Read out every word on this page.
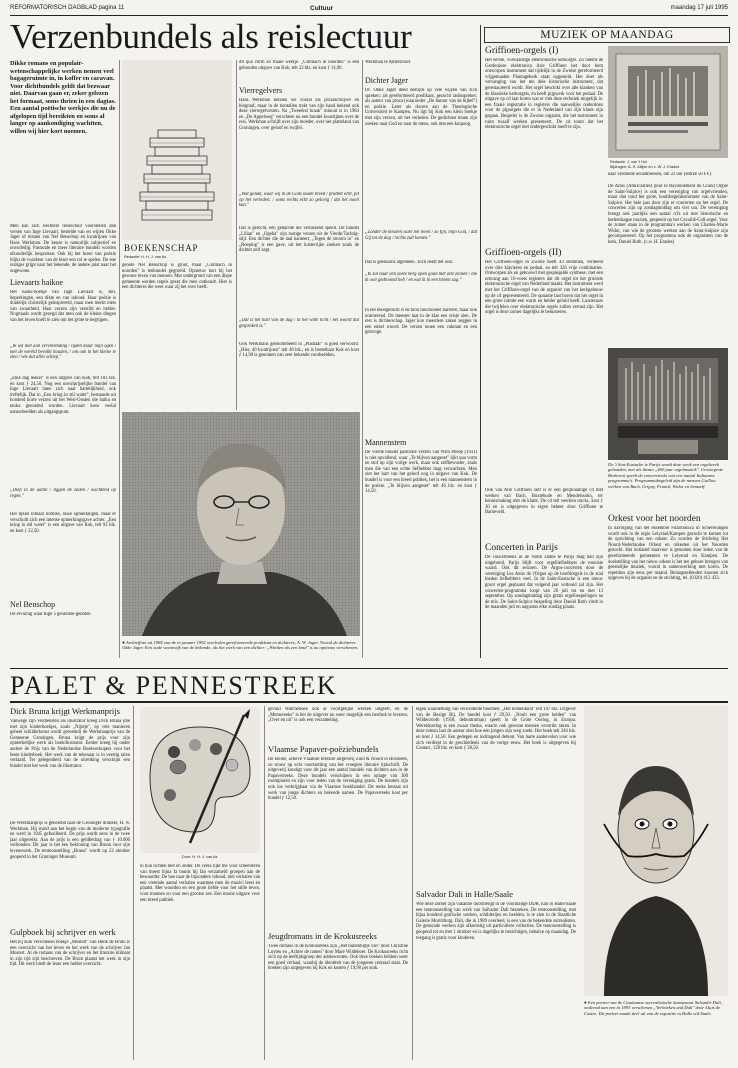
REFORMATORISCH DAGBLAD pagina 11	Cultuur	maandag 17 juli 1995
Verzenbundels als reislectuur

Dikke romans en populair-wetenschappelijke werken nemen veel bagageruimte in, in koffer en caravan. Voor dichtbundels geldt dat bezwaar niet. Daarvan gaan er, zeker gelezen het formaat, soms thrien in een dagtas. Een aantal poëtische werkjes die nu de afgelopen tijd bereikten en soms al langer op aankondiging wachtten, willen wij hier kort noemen.

Men kan zich slechtere reislectuur voorstellen dan versen van Inge Lievaart, bestelde van en wijlen Okke Jager of misten van Nel Benschop en kwatrijnen van Hans Werkman. De keuze is natuurlijk subjectief en onvolledig. Pastorale en meer literaire bundels worden afzonderlijk besproken. Ook bij het lezen van poëzie blijkt de voorkeur van de lezer een rol te spelen. De ene reiziger grijpt naar het bekende, de andere juist naar het ongewone.

Lievaarts haikoe

Het haiku-boekje van Inge Lievaart is, stel, beperkingen, een dikte en van inhoud. Haar poëzie is duidelijk christelijk geïnspireerd, maar men merkt niets van zwaarheid. Haar verzen zijn verstild en helder. Nogmaals wordt gezegd dat men ook de kleine dingen van het leven hoeft te zien om het grote te begrijpen.

„Ik wil niet aan vervreemding / lijden maar mijn ogen / met de wereld bevolkt houden, / om ook in het kleine te zien / wie dat alles schiep."

„Elke dag leuker" is een uitgave van Kok, telt 103 blz. en kost ƒ 24,50. Nog een onvolprijselijke bundel van Inge Lievaart laten zich naar hartelijkheid, ook treftelijk. Dat in „Een kring in stil water", bestaande uit honderd korte verzen uit het West-Oosten die haiku en tanka genoemd worden. Lievaart koos veelal natuurbeelden als uitgangspunt.

„Diep in de aarde / liggen de zaden / wachtend op regen."

Het lijken romaar notities, losse opmerkingen, maar er verschuilt zich een intense opmerkingsgave achter. „Een kring in stil water" is een uitgave van Kok, telt 93 blz. en kost ƒ 22,50.

Nel Benschop

De ervaring waar Inge' s generatie-genoten

BOEKENSCHAP
Redactie: H. H. J. van As

genote Nel Benschop is groot, maar „Glimlach in noorden" is tenbundel gegroeid. Opnieuw kort bij het gewone leven van mensen. Met ondergrond van een diepe gemeente werden regels gezet die men onthoudt. Hier is een dichteres die weet waar zij het over heeft.

dit qua vorm zo fraaie werkje. „Glimlach in noorden" is een gebonden uitgave van Kok, telt 32 blz. en kost ƒ 14,90.

Vierregelvers

Hans Werkman kennen we vooral als prozaschrijver en biograaf, maar in de tientallen trekt van zijn hand bekend ook deze vierregelverzen. Na „Tweeënd braak" minuut is in 1984 en „De Appelweg" verscheen nu een bundel kwatrijnen over de reis. Werkman schrijft over zijn moeder, over het platteland van Groningen, over geloof en twijfel.

„Wat gelukt, waar wij in de Gods naam breed / pruttelt echt, pit op het verleden: / soms rechts echt zo gelovig / dat het nooit kan."

Dat is gerecht, een gedachte die verrassend speelt. De bundel „Lilian" en „Ogeba" zijn rustige verzen uit de Vierde/Tachtig-stijl. Een dichter die de taal hanteert, „Tegen de stroom in" en „Roeping" is een gave, uit het luisterrijke zoeken zoals de dichter zelf zegt.

„Dat is het hart van de dag / in het witte licht / het woord dat gesproken is."

Ook Werkmans geboortebeeld in „Pladiaar" is goed verwoord. „Hier, 40 kwatrijnen" telt 48 blz., en is bestelbaar Kok en kost ƒ 14,90 is genomen van zeer bekende voorbeelden.

● Archieffoto uit 1984 van de in januari 1992 overleden gereformeerde predikant en dichteres, A. W. Jager. Vooral de dichteres Okke Jager. Een oude woonwijk van de bekende, als het werk van een dichter: „Worden als een kind" is nu opnieuw verschenen.

Werkman te Amersfoort.

Dichter Jager

Dr. Okke Jager deed destijds op vele wijzen van zich spreken: als gereformeerd predikant, gezocht radiospreker, als auteur van proza (waaronder „De humor van de bijbel") en poëzie. Later als docent aan de Theologische Universiteit te Kampen. Nu ligt bij Kok een klein boekje met zijn verzen, uit het verleden. De gedichten tonen zijn zoeken naar God en naar de mens, ook met een knipoog.

„Zonder de kleuren ware het leven / zo fijn, mijn God, / dat Gij tot de dag / rechts zult komen."

Dat is geenszins algemeen. Toch heeft het ook:

„Ik zal naar een zoete berg open gaan met alle zinnen / die ik ooit gedroomd heb / en wat ik in een bloem zag."

In het tekstgedicht is de toon functioneel barrière, maar ook ontroerend. De meester laat in de klas een reisje zien. De rest is dichterschap. Jager kon meerdere zaken zeggen in een enkel woord. De verzen tonen een vakman en een gelovige.

Mannenstem

De vierde bundel pastorale verzen van Wim Pheep (1931) is niet opvallend, waar „Te blijven aangeset" lijkt qua vorm en stof op zijn vorige werk, maar ook zelfbewuster, zoals men die van een echte liefhebber mag verwachten. Men ziet het hart van het geloof nog in uitgave van Kok. De bundel is voor een breed publiek, het is een mannenstem in de poëzie. „Te blijven aangeset" telt 46 blz. en kost ƒ 14,50.

MUZIEK OP MAANDAG
Griffioen-orgels (I)

Het eerste, volwaardige elektronische kerkorgel. Zo noemt de Gardeniuse elektronica Arie Griffioen het door hem ontworpen instrument dat tijdelijk in de Zwolse gereformeerd vrijgemaakte Plantagekerk staat opgesteld. Het doet als vervanging van het ten dele historische instrument, dat gerestaureerd wordt. Het orgel beschikt over alle klanken van de klassieke kerkorgels, en heeft pijpwerk voor het pedaal. De uitgave op cd laat horen wat er met deze techniek mogelijk is: een fraaie registratie in registers die nauwelijks onderdoen voor de pijporgels die er in Nederland van zijn klank zijn gegaan. Bespeler is de Zwolse organist, die het instrument in ruim twaalf werken presenteert. De cd toont dat het elektronische orgel niet ondergeschikt hoeft te zijn.

Griffioen-orgels (II)

Het Griffioen-orgel in Zwolle heeft 43 stemmen, verdeeld over drie klavieren en pedaal, en telt 326 vrije combinaties. Ontworpen als en gebouwd met gespiegelde synthese, met een omvang aan 16-voets registers dat dit orgel tot het grootste elektronische orgel van Nederland maakt. Het instrument werd met het Griffioen-orgel van de organist van het kerkgebouw op de cd gepresenteerd. De opname laat horen dat het orgel in een grote ruimte een warm en helder geluid heeft. Luisteraars die twijfelen over elektronische orgels zullen verrast zijn. Het orgel is deze zomer dagelijks te beluisteren.

Ook van Arie Griffioen zelf is er een gelijknamige cd met werken van Bach, Buxtehude en Mendelssohn, ter kennismaking met de klank. De cd telt veertien tracks, kost ƒ 30 en is uitgegeven in eigen beheer door Griffioen te Barneveld.

Concerten in Parijs

De concertreeks in de Notre Dame te Parijs mag dan zijn uitgebreid, Parijs blijft voor orgelliefhebbers de mooiste waard. Ook dit seizoen. De Argos-concerten door de vereniging Les Amis de l'Orgue op de hoofdorgels in de stad bieden liefhebbers veel. In de Saint-Eustache is een nieuw groot orgel geplaatst dat volgend jaar voltooid zal zijn. Het concerten-programma loopt van 26 juli tot en met 13 september. Op zondagmiddag zijn gratis orgelbespelingen na de mis. De Saint-Sulpice bespeling door Daniel Roth vindt in de maanden juli en augustus elke zondag plaats.

Redactie: J. van 't Hul
Bijdragen: A. H. Altijze en c. W. J. Erades

naar verdieide avondmessen, om 22 uur (entree 50 FF).

De Amis (Amiscasties) pour le Rayonnement du Grand Orgue de Saint-Sulpice) is ook een vereniging van orgelvrienden, maar dan rond het grote, hoofdorgelinstrument van de Saint-Sulpice. Het hele jaar door zijn er concerten op het orgel. De concerten zijn op zondagmiddag om vier uur. De vereniging brengt ook jaarlijks een aantal cd's uit met historische en hedendaagse muziek, gespeeld op het Cavaillé-Coll-orgel. Voor de zomer staan in de programma's werken van Charles-Marie Widor, van wie de grootste werken aan de Saint-Sulpice zijn gecomponeerd. Op het programma ook de organisten van de kerk, Daniel Roth. (c.w. H. Erades)

De 't Sint-Eustache te Parijs wordt deze week een orgelweek gehouden, met als thema „400 jaar orgelmuziek". Grootegrote Benhovoi speelt de concertreeks van een aantal Italiaanse programma's. Programmabegeleid zijn de mensen Guillou werken van Bach, Grigny, Franck, Widor en hemzelf.

Orkest voor het noorden

In navolging van het ensemble Filarmonica in Scheveningen wordt ook in de regio Lelystad/Kampen gezocht te komen tot de oprichting van een orkest. Zo worden de Stichting Het Noord-Nederlandse Orkest en orkesten uit het Noorden gezocht. Het initiatief daarvoor is genomen door leden van de gereformeerde gemeenten te Lelystad en Kampen. De doelstelling van het nieuw orkest is het ten gehore brengen van geestelijke muziek, vooral in samenwerking met koren. De repetities zijn eens per maand. Belangstellenden kunnen zich opgeven bij de organist en de stichting, tel. (0320) 412 433.

PALET & PENNESTREEK
Dick Bruna krijgt Werkmanprijs

Vanwege zijn verdiensten als illustrator kreeg Dick Bruna (die met zijn kinderboekjes, zoals „Nijntje", op vele manieren geheel schilderkunst wordt geroemd) de Werkmanprijs van de Gemeente Groningen. Bruna krijgt de prijs voor zijn opmerkelijke werk als boekillustrator. Eerder kreeg hij onder andere de Prijs van de Nederlandse Boekverkopers voor het beste kinderboek. Het werk van de tekenaar is in veertig talen vertaald. Ter gelegenheid van de uitreiking verschijnt een bundel met het werk van de illustrator.

De Werkmanprijs is genoemd naar de Groninger drukker, H. N. Werkman. Hij stond aan het begin van de moderne typografie en werd in 1945 gefusilleerd. De prijs wordt eens in de twee jaar uitgereikt. Aan de prijs is een geldbedrag van ƒ 10.000 verbonden. Dit jaar is het een bekroning van Bruna voor zijn levenswerk. De tentoonstelling „Bruna" wordt op 22 oktober geopend in het Groninger Museum.

Gulpboek bij schrijver en werk

Het bij Kok verschenen boekje „Mostert" van Henk de Bruin is een overzicht van het leven en het werk van de schrijver Jan Mostert. Al de romans van de schrijver en het literaire klimaat in zijn tijd zijn beschreven. De Bruin plaatst het werk in zijn tijd. Dit werk biedt de lezer een helder overzicht.

Door: H. H. J. van As

in hun richten met en onder. De cerks lijkt me voor scheelleren van meest bijna fa bonds bij fan verzameld groepen aan de bewaarder. De hoe naar de bijzondere inhoud, met verhalen van een vreemde aantal verhalen waarmee men de musici leest en plaatst. Met woorden en een grote liefde voor het stille leven, voor mannen en voor een grootse zee. Een mooie uitgave voor een breed publiek.

gevuld Watchehoek ook al voortgelijke werken uitgeeft, en de „Memoreeks" is het de uitgever nu weer mogelijk een herdruk te leveren. „Over en uit" is ook een verzameling.

Vlaamse Papaver-poëziebundels

De kleine, actieve Vlaamse literaire uitgeverij Zuid & Noord in Borsbeek, zo trouw op echt voortzetting van het vroegere literaire tijdschrift. De uitgeverij kondigt voor dit jaar een aantal bundels van dichters aan in de Papaverreeks. Deze bundels verschijnen in een oplage van 300 exemplaren en zijn voor leden van de vereniging gratis. De bundels zijn ook los verkrijgbaar via de Vlaamse boekhandel. De reeks bestaat uit werk van jonge dichters en bekende namen. De Papaverreeks kost per bundel ƒ 12,50.

Jeugdromans in de Krokusreeks

Twee romans in de Krokusreeks zijn „Het buitenbijtje van" door Christine Luyten en „Achter de ramen" door Mare Wildeboer. De Krokusreeks richt zich op de leeftijdsgroep der adolescenten. Ook deze boeken hebben weer een goed verhaal, waarbij de identiteit van de jongeren centraal staat. De boeken zijn uitgegeven bij Kok en kosten ƒ 19,90 per stuk.

eigen waarneming van verwilderde bloemen. „Het bomenkind" telt 147 blz. Uitgever van de Bezige Bij. De bundel kost ƒ 29,50. „Nooit een grote helden" van Wildenrooth (1958, debuutroman) speelt in de Grote Oorlog, in Europa. Wereldoorlog is een zwaar thema, waarin ook gewone mensen verstrikt raken. In deze roman laat de auteur zien hoe een jongen zijn weg zoekt. Het boek telt 246 blz. en kost ƒ 34,50. Een gedegen en indringend debuut. Van harte aanbevolen voor wie zich verdiept in de geschiedenis van de vorige eeuw. Het boek is uitgegeven bij Contact, 128 blz. en kost ƒ 28,50.

Salvador Dali in Halle/Saale

Wie deze zomer zijn vakantie doorbrengt in de voormalige DDR, kan in Halle/Saale een tentoonstelling van werk van Salvador Dali bezoeken. De tentoonstelling, met bijna honderd grafische werken, schilderijen en beelden, is te zien in de Staatliche Galerie Moritzburg. Dali, die in 1989 overleed, is een van de bekendste surrealisten. De getoonde werken zijn afkomstig uit particuliere collecties. De tentoonstelling is geopend tot en met 1 oktober en is dagelijks te bezichtigen, behalve op maandag. De toegang is gratis voor kinderen.

● Een portret van de Catalaanse surrealistische kunstenaar Salvador Dali, ontleend aan een in 1993 verschenen „Verboeken and Dali" door Lluis de Castro. Dit portret maakt deel uit van de expositie in Halle a/d Saale.
